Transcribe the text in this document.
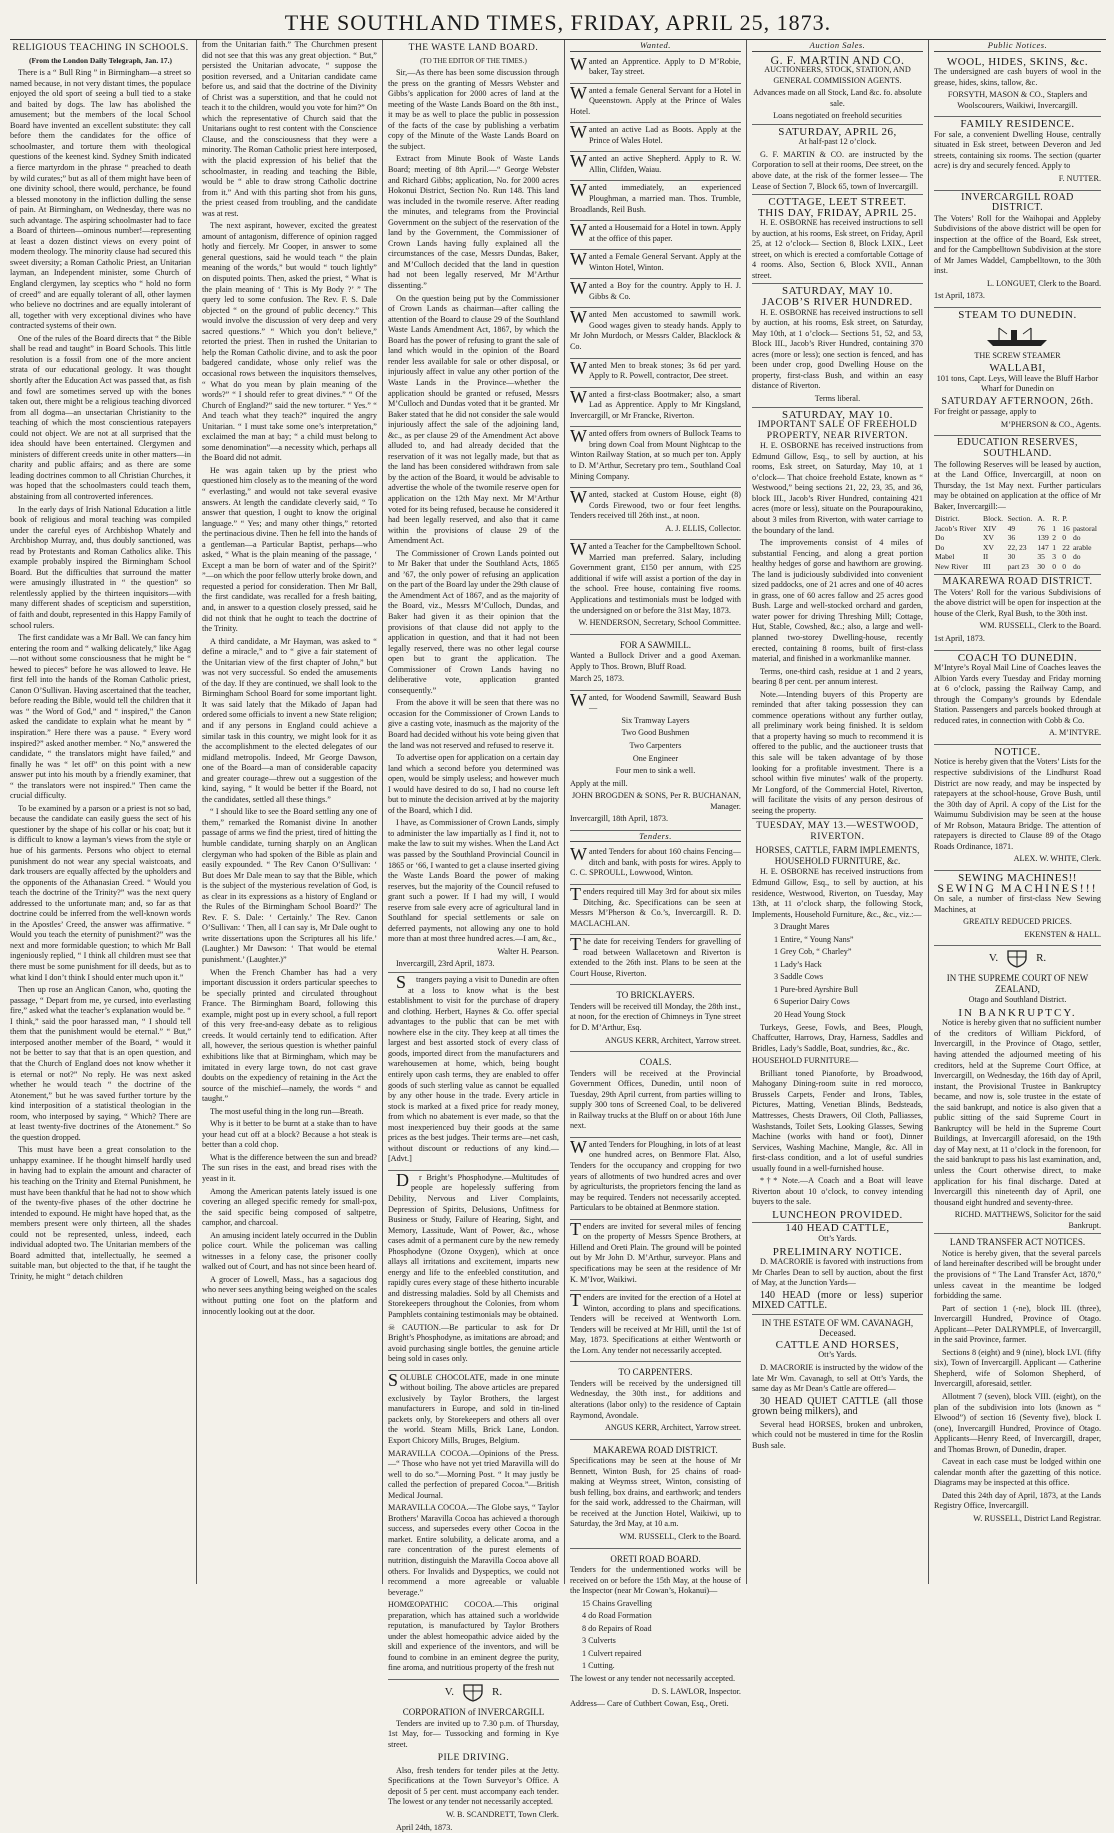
THE SOUTHLAND TIMES, FRIDAY, APRIL 25, 1873.
RELIGIOUS TEACHING IN SCHOOLS.

(From the London Daily Telegraph, Jan. 17.)

There is a “ Bull Ring ” in Birmingham—a street so named because, in not very distant times, the populace enjoyed the old sport of seeing a bull tied to a stake and baited by dogs. The law has abolished the amusement; but the members of the local School Board have invented an excellent substitute: they call before them the candidates for the office of schoolmaster, and torture them with theological questions of the keenest kind. Sydney Smith indicated a fierce martyrdom in the phrase “ preached to death by wild curates;” but as all of them might have been of one divinity school, there would, perchance, be found a blessed monotony in the infliction dulling the sense of pain. At Birmingham, on Wednesday, there was no such advantage. The aspiring schoolmaster had to face a Board of thirteen—ominous number!—representing at least a dozen distinct views on every point of modern theology. The minority clause had secured this sweet diversity; a Roman Catholic Priest, an Unitarian layman, an Independent minister, some Church of England clergymen, lay sceptics who “ hold no form of creed” and are equally tolerant of all, other laymen who believe no doctrines and are equally intolerant of all, together with very exceptional divines who have contracted systems of their own.

One of the rules of the Board directs that “ the Bible shall be read and taught” in Board Schools. This little resolution is a fossil from one of the more ancient strata of our educational geology. It was thought shortly after the Education Act was passed that, as fish and fowl are sometimes served up with the bones taken out, there might be a religious teaching divorced from all dogma—an unsectarian Christianity to the teaching of which the most conscientious ratepayers could not object. We are not at all surprised that the idea should have been entertained. Clergymen and ministers of different creeds unite in other matters—in charity and public affairs; and as there are some leading doctrines common to all Christian Churches, it was hoped that the schoolmasters could teach them, abstaining from all controverted inferences.

In the early days of Irish National Education a little book of religious and moral teaching was compiled under the careful eyes of Archbishop Whately and Archbishop Murray, and, thus doubly sanctioned, was read by Protestants and Roman Catholics alike. This example probably inspired the Birmingham School Board. But the difficulties that surround the matter were amusingly illustrated in “ the question” so relentlessly applied by the thirteen inquisitors—with many different shades of scepticism and superstition, of faith and doubt, represented in this Happy Family of school rulers.

The first candidate was a Mr Ball. We can fancy him entering the room and “ walking delicately,” like Agag—not without some consciousness that he might be “ hewed to pieces” before he was allowed to leave. He first fell into the hands of the Roman Catholic priest, Canon O’Sullivan. Having ascertained that the teacher, before reading the Bible, would tell the children that it was “ the Word of God,” and “ inspired,” the Canon asked the candidate to explain what he meant by “ inspiration.” Here there was a pause. “ Every word inspired?” asked another member. “ No,” answered the candidate, “ the translators might have failed,” and finally he was “ let off” on this point with a new answer put into his mouth by a friendly examiner, that “ the translators were not inspired.” Then came the crucial difficulty.

To be examined by a parson or a priest is not so bad, because the candidate can easily guess the sect of his questioner by the shape of his collar or his coat; but it is difficult to know a layman’s views from the style or hue of his garments. Persons who object to eternal punishment do not wear any special waistcoats, and dark trousers are equally affected by the upholders and the opponents of the Athanasian Creed. “ Would you teach the doctrine of the Trinity?” was the next query addressed to the unfortunate man; and, so far as that doctrine could be inferred from the well-known words in the Apostles’ Creed, the answer was affirmative. “ Would you teach the eternity of punishment?” was the next and more formidable question; to which Mr Ball ingeniously replied, “ I think all children must see that there must be some punishment for ill deeds, but as to what kind I don’t think I should enter much upon it.”

Then up rose an Anglican Canon, who, quoting the passage, “ Depart from me, ye cursed, into everlasting fire,” asked what the teacher’s explanation would be. “ I think,” said the poor harassed man, “ I should tell them that the punishment would be eternal.” “ But,” interposed another member of the Board, “ would it not be better to say that that is an open question, and that the Church of England does not know whether it is eternal or not?” No reply. He was next asked whether he would teach “ the doctrine of the Atonement,” but he was saved further torture by the kind interposition of a statistical theologian in the room, who interposed by saying, “ Which? There are at least twenty-five doctrines of the Atonement.” So the question dropped.

This must have been a great consolation to the unhappy examinee. If he thought himself hardly used in having had to explain the amount and character of his teaching on the Trinity and Eternal Punishment, he must have been thankful that he had not to show which of the twenty-five phases of the other doctrine he intended to expound. He might have hoped that, as the members present were only thirteen, all the shades could not be represented, unless, indeed, each individual adopted two. The Unitarian members of the Board admitted that, intellectually, he seemed a suitable man, but objected to the that, if he taught the Trinity, he might “ detach children

from the Unitarian faith.” The Churchmen present did not see that this was any great objection. “ But,” persisted the Unitarian advocate, “ suppose the position reversed, and a Unitarian candidate came before us, and said that the doctrine of the Divinity of Christ was a superstition, and that he could not teach it to the children, would you vote for him?” On which the representative of Church said that the Unitarians ought to rest content with the Conscience Clause, and the consciousness that they were a minority. The Roman Catholic priest here interposed, with the placid expression of his belief that the schoolmaster, in reading and teaching the Bible, would be “ able to draw strong Catholic doctrine from it.” And with this parting shot from his guns, the priest ceased from troubling, and the candidate was at rest.

The next aspirant, however, excited the greatest amount of antagonism, difference of opinion ragged hotly and fiercely. Mr Cooper, in answer to some general questions, said he would teach “ the plain meaning of the words,” but would “ touch lightly” on disputed points. Then, asked the priest, “ What is the plain meaning of ‘ This is My Body ?’ ” The query led to some confusion. The Rev. F. S. Dale objected “ on the ground of public decency.” This would involve the discussion of very deep and very sacred questions.” “ Which you don’t believe,” retorted the priest. Then in rushed the Unitarian to help the Roman Catholic divine, and to ask the poor badgered candidate, whose only relief was the occasional rows between the inquisitors themselves, “ What do you mean by plain meaning of the words?” “ I should refer to great divines.” “ Of the Church of England?” said the new torturer. “ Yes.” “ And teach what they teach?” inquired the angry Unitarian. “ I must take some one’s interpretation,” exclaimed the man at bay; “ a child must belong to some denomination”—a necessity which, perhaps all the Board did not admit.

He was again taken up by the priest who questioned him closely as to the meaning of the word “ everlasting,” and would not take several evasive answers. At length the candidate cleverly said, “ To answer that question, I ought to know the original language.” “ Yes; and many other things,” retorted the pertinacious divine. Then he fell into the hands of a gentleman—a Particular Baptist, perhaps—who asked, “ What is the plain meaning of the passage, ‘ Except a man be born of water and of the Spirit?’ ”—on which the poor fellow utterly broke down, and requested a period for consideration. Then Mr Ball, the first candidate, was recalled for a fresh baiting, and, in answer to a question closely pressed, said he did not think that he ought to teach the doctrine of the Trinity.

A third candidate, a Mr Hayman, was asked to “ define a miracle,” and to “ give a fair statement of the Unitarian view of the first chapter of John,” but was not very successful. So ended the amusements of the day. If they are continued, we shall look to the Birmingham School Board for some important light. It was said lately that the Mikado of Japan had ordered some officials to invent a new State religion; and if any persons in England could achieve a similar task in this country, we might look for it as the accomplishment to the elected delegates of our midland metropolis. Indeed, Mr George Dawson, one of the Board—a man of considerable capacity and greater courage—threw out a suggestion of the kind, saying, “ It would be better if the Board, not the candidates, settled all these things.”

“ I should like to see the Board settling any one of them,” remarked the Romanist divine In another passage of arms we find the priest, tired of hitting the humble candidate, turning sharply on an Anglican clergyman who had spoken of the Bible as plain and easily expounded. “ The Rev Canon O’Sullivan: ‘ But does Mr Dale mean to say that the Bible, which is the subject of the mysterious revelation of God, is as clear in its expressions as a history of England or the Rules of the Birmingham School Board?’ The Rev. F. S. Dale: ‘ Certainly.’ The Rev. Canon O’Sullivan: ‘ Then, all I can say is, Mr Dale ought to write dissertations upon the Scriptures all his life.’ (Laughter.) Mr Dawson: ‘ That would be eternal punishment.’ (Laughter.)”

When the French Chamber has had a very important discussion it orders particular speeches to be specially printed and circulated throughout France. The Birmingham Board, following this example, might post up in every school, a full report of this very free-and-easy debate as to religious creeds. It would certainly tend to edification. After all, however, the serious question is whether painful exhibitions like that at Birmingham, which may be imitated in every large town, do not cast grave doubts on the expediency of retaining in the Act the source of the mischief—namely, the words “ and taught.”

The most useful thing in the long run—Breath.

Why is it better to be burnt at a stake than to have your head cut off at a block? Because a hot steak is better than a cold chop.

What is the difference between the sun and bread? The sun rises in the east, and bread rises with the yeast in it.

Among the American patents lately issued is one covering an alleged specific remedy for small-pox, the said specific being composed of saltpetre, camphor, and charcoal.

An amusing incident lately occurred in the Dublin police court. While the policeman was calling witnesses in a felony case, the prisoner coolly walked out of Court, and has not since been heard of.

A grocer of Lowell, Mass., has a sagacious dog who never sees anything being weighed on the scales without putting one foot on the platform and innocently looking out at the door.

THE WASTE LAND BOARD.

(TO THE EDITOR OF THE TIMES.)

Sir,—As there has been some discussion through the press on the granting of Messrs Webster and Gibbs’s application for 2000 acres of land at the meeting of the Waste Lands Board on the 8th inst., it may be as well to place the public in possession of the facts of the case by publishing a verbatim copy of the Minute of the Waste Lands Board on the subject.

Extract from Minute Book of Waste Lands Board; meeting of 8th April.—“ George Webster and Richard Gibbs; application, No. for 2000 acres Hokonui District, Section No. Run 148. This land was included in the twomile reserve. After reading the minutes, and telegrams from the Provincial Government on the subject of the reservation of the land by the Government, the Commissioner of Crown Lands having fully explained all the circumstances of the case, Messrs Dundas, Baker, and M’Culloch decided that the land in question had not been legally reserved, Mr M’Arthur dissenting.”

On the question being put by the Commissioner of Crown Lands as chairman—after calling the attention of the Board to clause 29 of the Southland Waste Lands Amendment Act, 1867, by which the Board has the power of refusing to grant the sale of land which would in the opinion of the Board render less available for sale or other disposal, or injuriously affect in value any other portion of the Waste Lands in the Province—whether the application should be granted or refused, Messrs M’Culloch and Dundas voted that it be granted. Mr Baker stated that he did not consider the sale would injuriously affect the sale of the adjoining land, &c., as per clause 29 of the Amendment Act above alluded to, and had already decided that the reservation of it was not legally made, but that as the land has been considered withdrawn from sale by the action of the Board, it would be advisable to advertise the whole of the twomile reserve open for application on the 12th May next. Mr M’Arthur voted for its being refused, because he considered it had been legally reserved, and also that it came within the provisions of clause 29 of the Amendment Act.

The Commissioner of Crown Lands pointed out to Mr Baker that under the Southland Acts, 1865 and ’67, the only power of refusing an application on the part of the Board lay under the 29th clause of the Amendment Act of 1867, and as the majority of the Board, viz., Messrs M’Culloch, Dundas, and Baker had given it as their opinion that the provisions of that clause did not apply to the application in question, and that it had not been legally reserved, there was no other legal course open but to grant the application. The Commissioner of Crown Lands having no deliberative vote, application granted consequently.”

From the above it will be seen that there was no occasion for the Commissioner of Crown Lands to give a casting vote, inasmuch as the majority of the Board had decided without his vote being given that the land was not reserved and refused to reserve it.

To advertise open for application on a certain day land which a second before you determined was open, would be simply useless; and however much I would have desired to do so, I had no course left but to minute the decision arrived at by the majority of the Board, which I did.

I have, as Commissioner of Crown Lands, simply to administer the law impartially as I find it, not to make the law to suit my wishes. When the Land Act was passed by the Southland Provincial Council in 1865 or ‘66, I wanted to get a clause inserted giving the Waste Lands Board the power of making reserves, but the majority of the Council refused to grant such a power. If I had my will, I would reserve from sale every acre of agricultural land in Southland for special settlements or sale on deferred payments, not allowing any one to hold more than at most three hundred acres.—I am, &c.,

Walter H. Pearson.

Invercargill, 23rd April, 1873.

Strangers paying a visit to Dunedin are often at a loss to know what is the best establishment to visit for the purchase of drapery and clothing. Herbert, Haynes & Co. offer special advantages to the public that can be met with nowhere else in the city. They keep at all times the largest and best assorted stock of every class of goods, imported direct from the manufacturers and warehousemen at home, which, being bought entirely upon cash terms, they are enabled to offer goods of such sterling value as cannot be equalled by any other house in the trade. Every article in stock is marked at a fixed price for ready money, from which no abatement is ever made, so that the most inexperienced buy their goods at the same prices as the best judges. Their terms are—net cash, without discount or reductions of any kind.—[Advt.]

Dr Bright’s Phosphodyne.—Multitudes of people are hopelessly suffering from Debility, Nervous and Liver Complaints, Depression of Spirits, Delusions, Unfitness for Business or Study, Failure of Hearing, Sight, and Memory, Lassitude, Want of Power, &c., whose cases admit of a permanent cure by the new remedy Phosphodyne (Ozone Oxygen), which at once allays all irritations and excitement, imparts new energy and life to the enfeebled constitution, and rapidly cures every stage of these hitherto incurable and distressing maladies. Sold by all Chemists and Storekeepers throughout the Colonies, from whom Pamphlets containing testimonials may be obtained.

☠ CAUTION.—Be particular to ask for Dr Bright’s Phosphodyne, as imitations are abroad; and avoid purchasing single bottles, the genuine article being sold in cases only.

SOLUBLE CHOCOLATE, made in one minute without boiling. The above articles are prepared exclusively by Taylor Brothers, the largest manufacturers in Europe, and sold in tin-lined packets only, by Storekeepers and others all over the world. Steam Mills, Brick Lane, London. Export Chicory Mills, Bruges, Belgium.

MARAVILLA COCOA.—Opinions of the Press.—“ Those who have not yet tried Maravilla will do well to do so.”—Morning Post. “ It may justly be called the perfection of prepared Cocoa.”—British Medical Journal.

MARAVILLA COCOA.—The Globe says, “ Taylor Brothers’ Maravilla Cocoa has achieved a thorough success, and supersedes every other Cocoa in the market. Entire solubility, a delicate aroma, and a rare concentration of the purest elements of nutrition, distinguish the Maravilla Cocoa above all others. For Invalids and Dyspeptics, we could not recommend a more agreeable or valuable beverage.”

HOMŒOPATHIC COCOA.—This original preparation, which has attained such a worldwide reputation, is manufactured by Taylor Brothers under the ablest homeopathic advice aided by the skill and experience of the inventors, and will be found to combine in an eminent degree the purity, fine aroma, and nutritious property of the fresh nut

V.	R.
CORPORATION of INVERCARGILL

Tenders are invited up to 7.30 p.m. of Thursday, 1st May, for— Tussocking and forming in Kye street.

PILE DRIVING.

Also, fresh tenders for tender piles at the Jetty. Specifications at the Town Surveyor’s Office. A deposit of 5 per cent. must accompany each tender. The lowest or any tender not necessarily accepted.

W. B. SCANDRETT, Town Clerk.

April 24th, 1873.

Wanted.

Wanted an Apprentice. Apply to D M’Robie, baker, Tay street.

Wanted a female General Servant for a Hotel in Queenstown. Apply at the Prince of Wales Hotel.

Wanted an active Lad as Boots. Apply at the Prince of Wales Hotel.

Wanted an active Shepherd. Apply to R. W. Allin, Clifden, Waiau.

Wanted immediately, an experienced Ploughman, a married man. Thos. Trumble, Broadlands, Reil Bush.

Wanted a Housemaid for a Hotel in town. Apply at the office of this paper.

Wanted a Female General Servant. Apply at the Winton Hotel, Winton.

Wanted a Boy for the country. Apply to H. J. Gibbs & Co.

Wanted Men accustomed to sawmill work. Good wages given to steady hands. Apply to Mr John Murdoch, or Messrs Calder, Blacklock & Co.

Wanted Men to break stones; 3s 6d per yard. Apply to R. Powell, contractor, Dee street.

Wanted a first-class Bootmaker; also, a smart Lad as Apprentice. Apply to Mr Kingsland, Invercargill, or Mr Francke, Riverton.

Wanted offers from owners of Bullock Teams to bring down Coal from Mount Nightcap to the Winton Railway Station, at so much per ton. Apply to D. M’Arthur, Secretary pro tem., Southland Coal Mining Company.

Wanted, stacked at Custom House, eight (8) Cords Firewood, two or four feet lengths. Tenders received till 26th inst., at noon.

A. J. ELLIS, Collector.

Wanted a Teacher for the Campbelltown School. Married man preferred. Salary, including Government grant, £150 per annum, with £25 additional if wife will assist a portion of the day in the school. Free house, containing five rooms. Applications and testimonials must be lodged with the undersigned on or before the 31st May, 1873.

W. HENDERSON, Secretary, School Committee.

FOR A SAWMILL.

Wanted a Bullock Driver and a good Axeman. Apply to Thos. Brown, Bluff Road.

March 25, 1873.

Wanted, for Woodend Sawmill, Seaward Bush—

Six Tramway Layers

Two Good Bushmen

Two Carpenters

One Engineer

Four men to sink a well.

Apply at the mill.

JOHN BROGDEN & SONS, Per R. BUCHANAN, Manager.

Invercargill, 18th April, 1873.

Tenders.

Wanted Tenders for about 160 chains Fencing—ditch and bank, with posts for wires. Apply to C. C. SPROULL, Lowwood, Winton.

Tenders required till May 3rd for about six miles Ditching, &c. Specifications can be seen at Messrs M’Pherson & Co.’s, Invercargill. R. D. MACLACHLAN.

The date for receiving Tenders for gravelling of road between Wallacetown and Riverton is extended to the 26th inst. Plans to be seen at the Court House, Riverton.

TO BRICKLAYERS.

Tenders will be received till Monday, the 28th inst., at noon, for the erection of Chimneys in Tyne street for D. M’Arthur, Esq.

ANGUS KERR, Architect, Yarrow street.

COALS.

Tenders will be received at the Provincial Government Offices, Dunedin, until noon of Tuesday, 29th April current, from parties willing to supply 300 tons of Screened Coal, to be delivered in Railway trucks at the Bluff on or about 16th June next.

Wanted Tenders for Ploughing, in lots of at least one hundred acres, on Benmore Flat. Also, Tenders for the occupancy and cropping for two years of allotments of two hundred acres and over by agriculturists, the proprietors fencing the land as may be required. Tenders not necessarily accepted. Particulars to be obtained at Benmore station.

Tenders are invited for several miles of fencing on the property of Messrs Spence Brothers, at Hillend and Oreti Plain. The ground will be pointed out by Mr John D. M’Arthur, surveyor. Plans and specifications may be seen at the residence of Mr K. M’Ivor, Waikiwi.

Tenders are invited for the erection of a Hotel at Winton, according to plans and specifications. Tenders will be received at Wentworth Lorn. Tenders will be received at Mr Hill, until the 1st of May, 1873. Specifications at either Wentworth or the Lorn. Any tender not necessarily accepted.

TO CARPENTERS.

Tenders will be received by the undersigned till Wednesday, the 30th inst., for additions and alterations (labor only) to the residence of Captain Raymond, Avondale.

ANGUS KERR, Architect, Yarrow street.

MAKAREWA ROAD DISTRICT.

Specifications may be seen at the house of Mr Bennett, Winton Bush, for 25 chains of road-making at Weymss street, Winton, consisting of bush felling, box drains, and earthwork; and tenders for the said work, addressed to the Chairman, will be received at the Junction Hotel, Waikiwi, up to Saturday, the 3rd May, at 10 a.m.

WM. RUSSELL, Clerk to the Board.

ORETI ROAD BOARD.

Tenders for the undermentioned works will be received on or before the 15th May, at the house of the Inspector (near Mr Cowan’s, Hokanui)—

15 Chains Gravelling

4 do Road Formation

8 do Repairs of Road

3 Culverts

1 Culvert repaired

1 Cutting.

The lowest or any tender not necessarily accepted.

D. S. LAWLOR, Inspector.

Address— Care of Cuthbert Cowan, Esq., Oreti.

Auction Sales.
G. F. MARTIN AND CO.

AUCTIONEERS, STOCK, STATION, AND GENERAL COMMISSION AGENTS.

Advances made on all Stock, Land &c. fo. absolute sale.

Loans negotiated on freehold securities

SATURDAY, APRIL 26,

At half-past 12 o’clock.

G. F. MARTIN & CO. are instructed by the Corporation to sell at their rooms, Dee street, on the above date, at the risk of the former lessee— The Lease of Section 7, Block 65, town of Invercargill.

COTTAGE, LEET STREET.
THIS DAY, FRIDAY, APRIL 25.

H. E. OSBORNE has received instructions to sell by auction, at his rooms, Esk street, on Friday, April 25, at 12 o’clock— Section 8, Block LXIX., Leet street, on which is erected a comfortable Cottage of 4 rooms. Also, Section 6, Block XVII., Annan street.

SATURDAY, MAY 10.
JACOB’S RIVER HUNDRED.

H. E. OSBORNE has received instructions to sell by auction, at his rooms, Esk street, on Saturday, May 10th, at 1 o’clock— Sections 51, 52, and 53, Block III., Jacob’s River Hundred, containing 370 acres (more or less); one section is fenced, and has been under crop, good Dwelling House on the property, first-class Bush, and within an easy distance of Riverton.

Terms liberal.

SATURDAY, MAY 10.
IMPORTANT SALE OF FREEHOLD PROPERTY, NEAR RIVERTON.

H. E. OSBORNE has received instructions from Edmund Gillow, Esq., to sell by auction, at his rooms, Esk street, on Saturday, May 10, at 1 o’clock— That choice freehold Estate, known as “ Westwood,” being sections 21, 22, 23, 35, and 36, block III., Jacob’s River Hundred, containing 421 acres (more or less), situate on the Pourapourakino, about 3 miles from Riverton, with water carriage to the boundary of the land.

The improvements consist of 4 miles of substantial Fencing, and along a great portion healthy hedges of gorse and hawthorn are growing. The land is judiciously subdivided into convenient sized paddocks, one of 21 acres and one of 40 acres in grass, one of 60 acres fallow and 25 acres good Bush. Large and well-stocked orchard and garden, water power for driving Threshing Mill; Cottage, Hut, Stable, Cowshed, &c.; also, a large and well-planned two-storey Dwelling-house, recently erected, containing 8 rooms, built of first-class material, and finished in a workmanlike manner.

Terms, one-third cash, residue at 1 and 2 years, bearing 8 per cent. per annum interest.

Note.—Intending buyers of this Property are reminded that after taking possession they can commence operations without any further outlay, all preliminary work being finished. It is seldom that a property having so much to recommend it is offered to the public, and the auctioneer trusts that this sale will be taken advantage of by those looking for a profitable investment. There is a school within five minutes’ walk of the property. Mr Longford, of the Commercial Hotel, Riverton, will facilitate the visits of any person desirous of seeing the property.

TUESDAY, MAY 13.—WESTWOOD, RIVERTON.
HORSES, CATTLE, FARM IMPLEMENTS, HOUSEHOLD FURNITURE, &c.

H. E. OSBORNE has received instructions from Edmund Gillow, Esq., to sell by auction, at his residence, Westwood, Riverton, on Tuesday, May 13th, at 11 o’clock sharp, the following Stock, Implements, Household Furniture, &c., &c., viz.:—

3 Draught Mares

1 Entire, “ Young Nans”

1 Grey Cob, “ Charley”

1 Lady’s Hack

3 Saddle Cows

1 Pure-bred Ayrshire Bull

6 Superior Dairy Cows

20 Head Young Stock

Turkeys, Geese, Fowls, and Bees, Plough, Chaffcutter, Harrows, Dray, Harness, Saddles and Bridles, Lady’s Saddle, Boat, sundries, &c., &c.

HOUSEHOLD FURNITURE—

Brilliant toned Pianoforte, by Broadwood, Mahogany Dining-room suite in red morocco, Brussels Carpets, Fender and Irons, Tables, Pictures, Matting, Venetian Blinds, Bedsteads, Mattresses, Chests Drawers, Oil Cloth, Palliasses, Washstands, Toilet Sets, Looking Glasses, Sewing Machine (works with hand or foot), Dinner Services, Washing Machine, Mangle, &c. All in first-class condition, and a lot of useful sundries usually found in a well-furnished house.

*†* Note.—A Coach and a Boat will leave Riverton about 10 o’clock, to convey intending buyers to the sale.

LUNCHEON PROVIDED.
140 HEAD CATTLE,

Ott’s Yards.

PRELIMINARY NOTICE.

D. MACRORIE is favored with instructions from Mr Charles Dean to sell by auction, about the first of May, at the Junction Yards—

140 HEAD (more or less) superior MIXED CATTLE.

IN THE ESTATE OF WM. CAVANAGH, Deceased.
CATTLE AND HORSES,

Ott’s Yards.

D. MACRORIE is instructed by the widow of the late Mr Wm. Cavanagh, to sell at Ott’s Yards, the same day as Mr Dean’s Cattle are offered—

30 HEAD QUIET CATTLE (all those grown being milkers), and

Several head HORSES, broken and unbroken, which could not be mustered in time for the Roslin Bush sale.

Public Notices.
WOOL, HIDES, SKINS, &c.

The undersigned are cash buyers of wool in the grease, hides, skins, tallow, &c.

FORSYTH, MASON & CO., Staplers and Woolscourers, Waikiwi, Invercargill.

FAMILY RESIDENCE.

For sale, a convenient Dwelling House, centrally situated in Esk street, between Deveron and Jed streets, containing six rooms. The section (quarter acre) is dry and securely fenced. Apply to

F. NUTTER.

INVERCARGILL ROAD DISTRICT.

The Voters’ Roll for the Waihopai and Appleby Subdivisions of the above district will be open for inspection at the office of the Board, Esk street, and for the Campbelltown Subdivision at the store of Mr James Waddel, Campbelltown, to the 30th inst.

L. LONGUET, Clerk to the Board.

1st April, 1873.

STEAM TO DUNEDIN.

THE SCREW STEAMER

WALLABI,

101 tons, Capt. Leys, Will leave the Bluff Harbor Wharf for Dunedin on

SATURDAY AFTERNOON, 26th.

For freight or passage, apply to

M’PHERSON & CO., Agents.

EDUCATION RESERVES, SOUTHLAND.

The following Reserves will be leased by auction, at the Land Office, Invercargill, at noon on Thursday, the 1st May next. Further particulars may be obtained on application at the office of Mr Baker, Invercargill:—

District.	Block.	Section.	A.	R.	P.	
Jacob’s River	XIV	49	76	1	16	pastoral
Do	XV	36	139	2	0	do
Do	XV	22, 23	147	1	22	arable
Mabel	II	30	35	3	0	do
New River	III	part 23	30	0	0	do
MAKAREWA ROAD DISTRICT.

The Voters’ Roll for the various Subdivisions of the above district will be open for inspection at the house of the Clerk, Ryal Bush, to the 30th inst.

WM. RUSSELL, Clerk to the Board.

1st April, 1873.

COACH TO DUNEDIN.

M’Intyre’s Royal Mail Line of Coaches leaves the Albion Yards every Tuesday and Friday morning at 6 o’clock, passing the Railway Camp, and through the Company’s grounds by Edendale Station. Passengers and parcels booked through at reduced rates, in connection with Cobb & Co.

A. M’INTYRE.

NOTICE.

Notice is hereby given that the Voters’ Lists for the respective subdivisions of the Lindhurst Road District are now ready, and may be inspected by ratepayers at the school-house, Grove Bush, until the 30th day of April. A copy of the List for the Waimumu Subdivision may be seen at the house of Mr Robson, Mataura Bridge. The attention of ratepayers is directed to Clause 89 of the Otago Roads Ordinance, 1871.

ALEX. W. WHITE, Clerk.

SEWING MACHINES!!
SEWING MACHINES!!!

On sale, a number of first-class New Sewing Machines, at

GREATLY REDUCED PRICES.

EKENSTEN & HALL.

V.	R.
IN THE SUPREME COURT OF NEW ZEALAND,

Otago and Southland District.

IN BANKRUPTCY.

Notice is hereby given that no sufficient number of the creditors of William Pickford, of Invercargill, in the Province of Otago, settler, having attended the adjourned meeting of his creditors, held at the Supreme Court Office, at Invercargill, on Wednesday, the 16th day of April, instant, the Provisional Trustee in Bankruptcy became, and now is, sole trustee in the estate of the said bankrupt, and notice is also given that a public sitting of the said Supreme Court in Bankruptcy will be held in the Supreme Court Buildings, at Invercargill aforesaid, on the 19th day of May next, at 11 o’clock in the forenoon, for the said bankrupt to pass his last examination, and, unless the Court otherwise direct, to make application for his final discharge. Dated at Invercargill this nineteenth day of April, one thousand eight hundred and seventy-three.

RICHD. MATTHEWS, Solicitor for the said Bankrupt.

LAND TRANSFER ACT NOTICES.

Notice is hereby given, that the several parcels of land hereinafter described will be brought under the provisions of “ The Land Transfer Act, 1870,” unless caveat in the meantime be lodged forbidding the same.

Part of section 1 (-ne), block III. (three), Invercargill Hundred, Province of Otago. Applicant—Peter DALRYMPLE, of Invercargill, in the said Province, farmer.

Sections 8 (eight) and 9 (nine), block LVI. (fifty six), Town of Invercargill. Applicant — Catherine Shepherd, wife of Solomon Shepherd, of Invercargill, aforesaid, settler.

Allotment 7 (seven), block VIII. (eight), on the plan of the subdivision into lots (known as “ Elwood”) of section 16 (Seventy five), block I. (one), Invercargill Hundred, Province of Otago. Applicants—Henry Reed, of Invercargill, draper, and Thomas Brown, of Dunedin, draper.

Caveat in each case must be lodged within one calendar month after the gazetting of this notice. Diagrams may be inspected at this office.

Dated this 24th day of April, 1873, at the Lands Registry Office, Invercargill.

W. RUSSELL, District Land Registrar.
